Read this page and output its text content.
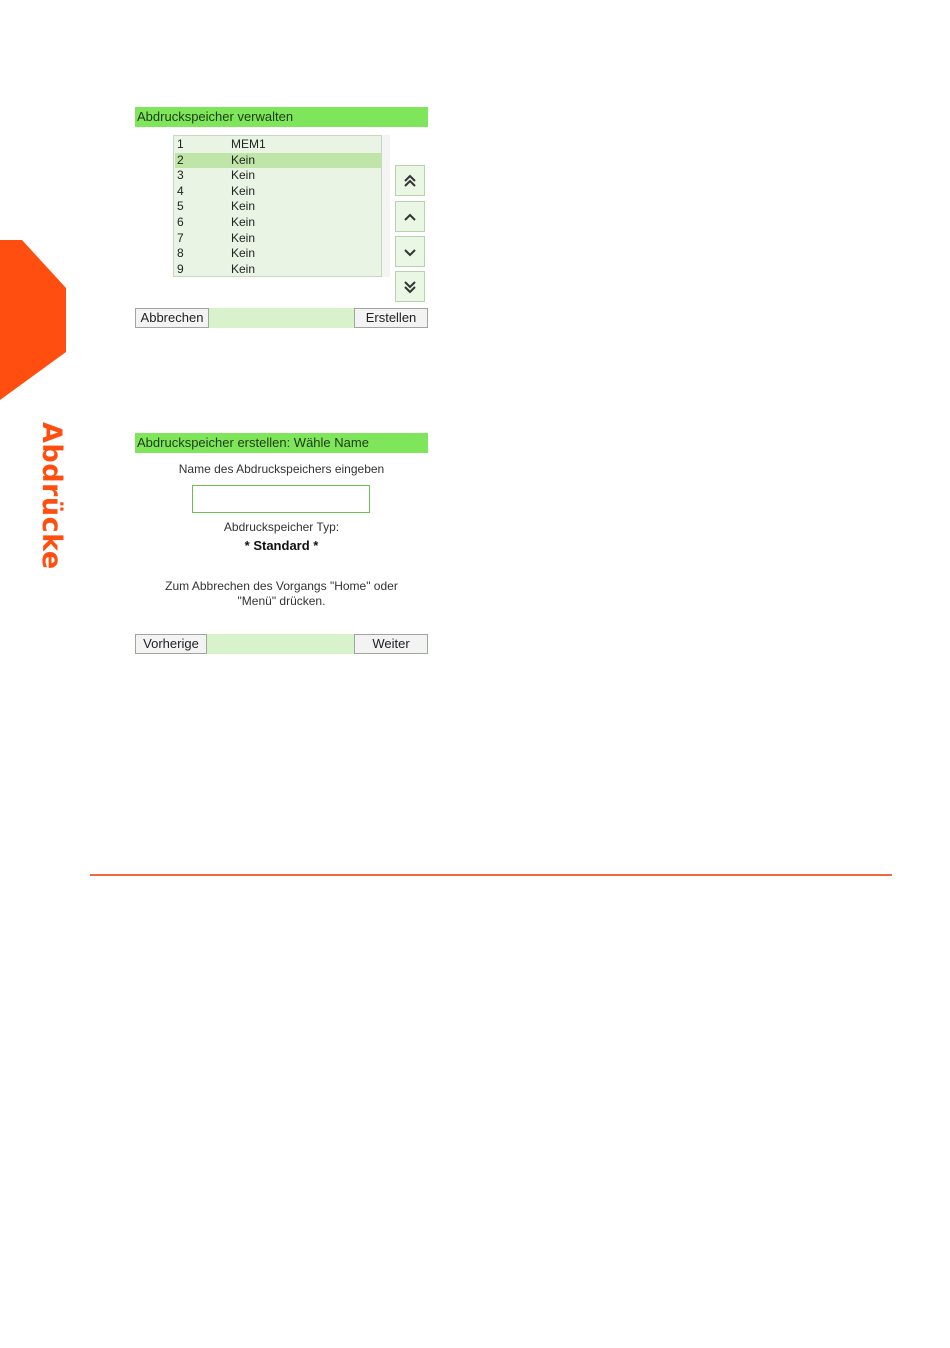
Abdrücke
Abdruckspeicher verwalten
1	MEM1
2	Kein
3	Kein
4	Kein
5	Kein
6	Kein
7	Kein
8	Kein
9	Kein
Abbrechen	Erstellen
Abdruckspeicher erstellen: Wähle Name
Name des Abdruckspeichers eingeben
Abdruckspeicher Typ:
* Standard *
Zum Abbrechen des Vorgangs "Home" oder
"Menü" drücken.
Vorherige	Weiter
